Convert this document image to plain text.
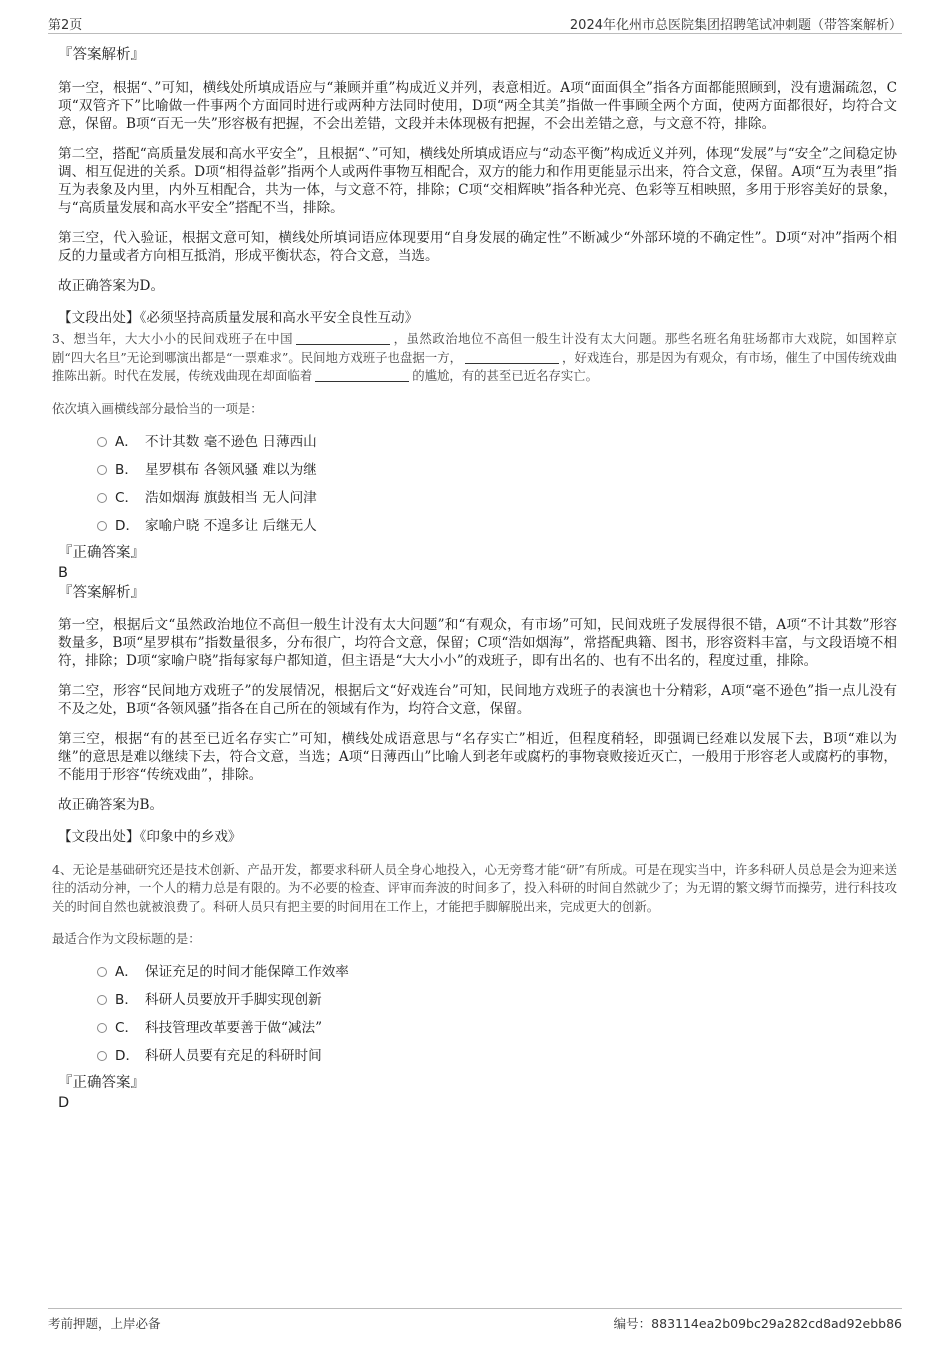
第2页	2024年化州市总医院集团招聘笔试冲刺题（带答案解析）
『答案解析』
第一空，根据“、”可知，横线处所填成语应与“兼顾并重”构成近义并列，表意相近。A项“面面俱全”指各方面都能照顾到，没有遗漏疏忽，C项“双管齐下”比喻做一件事两个方面同时进行或两种方法同时使用，D项“两全其美”指做一件事顾全两个方面，使两方面都很好，均符合文意，保留。B项“百无一失”形容极有把握，不会出差错，文段并未体现极有把握，不会出差错之意，与文意不符，排除。
第二空，搭配“高质量发展和高水平安全”，且根据“、”可知，横线处所填成语应与“动态平衡”构成近义并列，体现“发展”与“安全”之间稳定协调、相互促进的关系。D项“相得益彰”指两个人或两件事物互相配合，双方的能力和作用更能显示出来，符合文意，保留。A项“互为表里”指互为表象及内里，内外互相配合，共为一体，与文意不符，排除；C项“交相辉映”指各种光亮、色彩等互相映照，多用于形容美好的景象，与“高质量发展和高水平安全”搭配不当，排除。
第三空，代入验证，根据文意可知，横线处所填词语应体现要用“自身发展的确定性”不断减少“外部环境的不确定性”。D项“对冲”指两个相反的力量或者方向相互抵消，形成平衡状态，符合文意，当选。
故正确答案为D。
【文段出处】《必须坚持高质量发展和高水平安全良性互动》
3、想当年，大大小小的民间戏班子在中国	，虽然政治地位不高但一般生计没有太大问题。那些名班名角驻场都市大戏院，如国粹京剧“四大名旦”无论到哪演出都是“一票难求”。民间地方戏班子也盘据一方，	，好戏连台，那是因为有观众，有市场，催生了中国传统戏曲推陈出新。时代在发展，传统戏曲现在却面临着	的尴尬，有的甚至已近名存实亡。
依次填入画横线部分最恰当的一项是：
A． 不计其数 毫不逊色 日薄西山
B． 星罗棋布 各领风骚 难以为继
C． 浩如烟海 旗鼓相当 无人问津
D． 家喻户晓 不遑多让 后继无人
『正确答案』
B
『答案解析』
第一空，根据后文“虽然政治地位不高但一般生计没有太大问题”和“有观众，有市场”可知，民间戏班子发展得很不错，A项“不计其数”形容数量多，B项“星罗棋布”指数量很多，分布很广，均符合文意，保留；C项“浩如烟海”，常搭配典籍、图书，形容资料丰富，与文段语境不相符，排除；D项“家喻户晓”指每家每户都知道，但主语是“大大小小”的戏班子，即有出名的、也有不出名的，程度过重，排除。
第二空，形容“民间地方戏班子”的发展情况，根据后文“好戏连台”可知，民间地方戏班子的表演也十分精彩，A项“毫不逊色”指一点儿没有不及之处，B项“各领风骚”指各在自己所在的领域有作为，均符合文意，保留。
第三空，根据“有的甚至已近名存实亡”可知，横线处成语意思与“名存实亡”相近，但程度稍轻，即强调已经难以发展下去，B项“难以为继”的意思是难以继续下去，符合文意，当选；A项“日薄西山”比喻人到老年或腐朽的事物衰败接近灭亡，一般用于形容老人或腐朽的事物，不能用于形容“传统戏曲”，排除。
故正确答案为B。
【文段出处】《印象中的乡戏》
4、无论是基础研究还是技术创新、产品开发，都要求科研人员全身心地投入，心无旁骛才能“研”有所成。可是在现实当中，许多科研人员总是会为迎来送往的活动分神，一个人的精力总是有限的。为不必要的检查、评审而奔波的时间多了，投入科研的时间自然就少了；为无谓的繁文缛节而操劳，进行科技攻关的时间自然也就被浪费了。科研人员只有把主要的时间用在工作上，才能把手脚解脱出来，完成更大的创新。
最适合作为文段标题的是：
A． 保证充足的时间才能保障工作效率
B． 科研人员要放开手脚实现创新
C． 科技管理改革要善于做“减法”
D． 科研人员要有充足的科研时间
『正确答案』
D
考前押题，上岸必备	编号：883114ea2b09bc29a282cd8ad92ebb86
